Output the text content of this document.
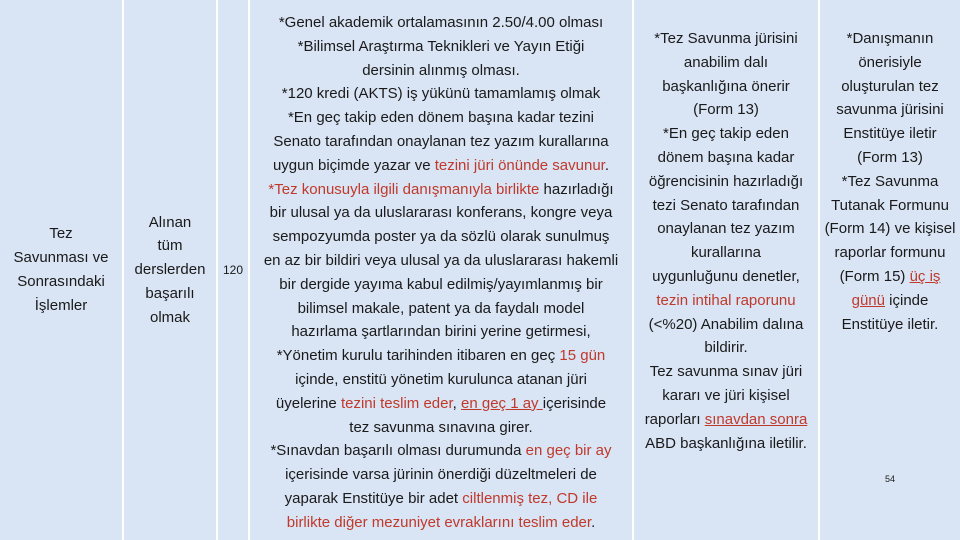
Tez
Savunması ve
Sonrasındaki
İşlemler
Alınan
tüm
derslerden
başarılı
olmak
120
*Genel akademik ortalamasının 2.50/4.00 olması
*Bilimsel Araştırma Teknikleri ve Yayın Etiği
dersinin alınmış olması.
*120 kredi (AKTS) iş yükünü tamamlamış olmak
*En geç takip eden dönem başına kadar tezini
Senato tarafından onaylanan tez yazım kurallarına
uygun biçimde yazar ve tezini jüri önünde savunur.
*Tez konusuyla ilgili danışmanıyla birlikte hazırladığı
bir ulusal ya da uluslararası konferans, kongre veya
sempozyumda poster ya da sözlü olarak sunulmuş
en az bir bildiri veya ulusal ya da uluslararası hakemli
bir dergide yayıma kabul edilmiş/yayımlanmış bir
bilimsel makale, patent ya da faydalı model
hazırlama şartlarından birini yerine getirmesi,
*Yönetim kurulu tarihinden itibaren en geç 15 gün
içinde, enstitü yönetim kurulunca atanan jüri
üyelerine tezini teslim eder, en geç 1 ay içerisinde
tez savunma sınavına girer.
*Sınavdan başarılı olması durumunda en geç bir ay
içerisinde varsa jürinin önerdiği düzeltmeleri de
yaparak Enstitüye bir adet ciltlenmiş tez, CD ile
birlikte diğer mezuniyet evraklarını teslim eder.
*Tez Savunma jürisini
anabilim dalı
başkanlığına önerir
(Form 13)
*En geç takip eden
dönem başına kadar
öğrencisinin hazırladığı
tezi Senato tarafından
onaylanan tez yazım
kurallarına
uygunluğunu denetler,
tezin intihal raporunu
(<%20) Anabilim dalına
bildirir.
Tez savunma sınav jüri
kararı ve jüri kişisel
raporları sınavdan sonra
ABD başkanlığına iletilir.
*Danışmanın
önerisiyle
oluşturulan tez
savunma jürisini
Enstitüye iletir
(Form 13)
*Tez Savunma
Tutanak Formunu
(Form 14) ve kişisel
raporlar formunu
(Form 15) üç iş
günü içinde
Enstitüye iletir.
54
